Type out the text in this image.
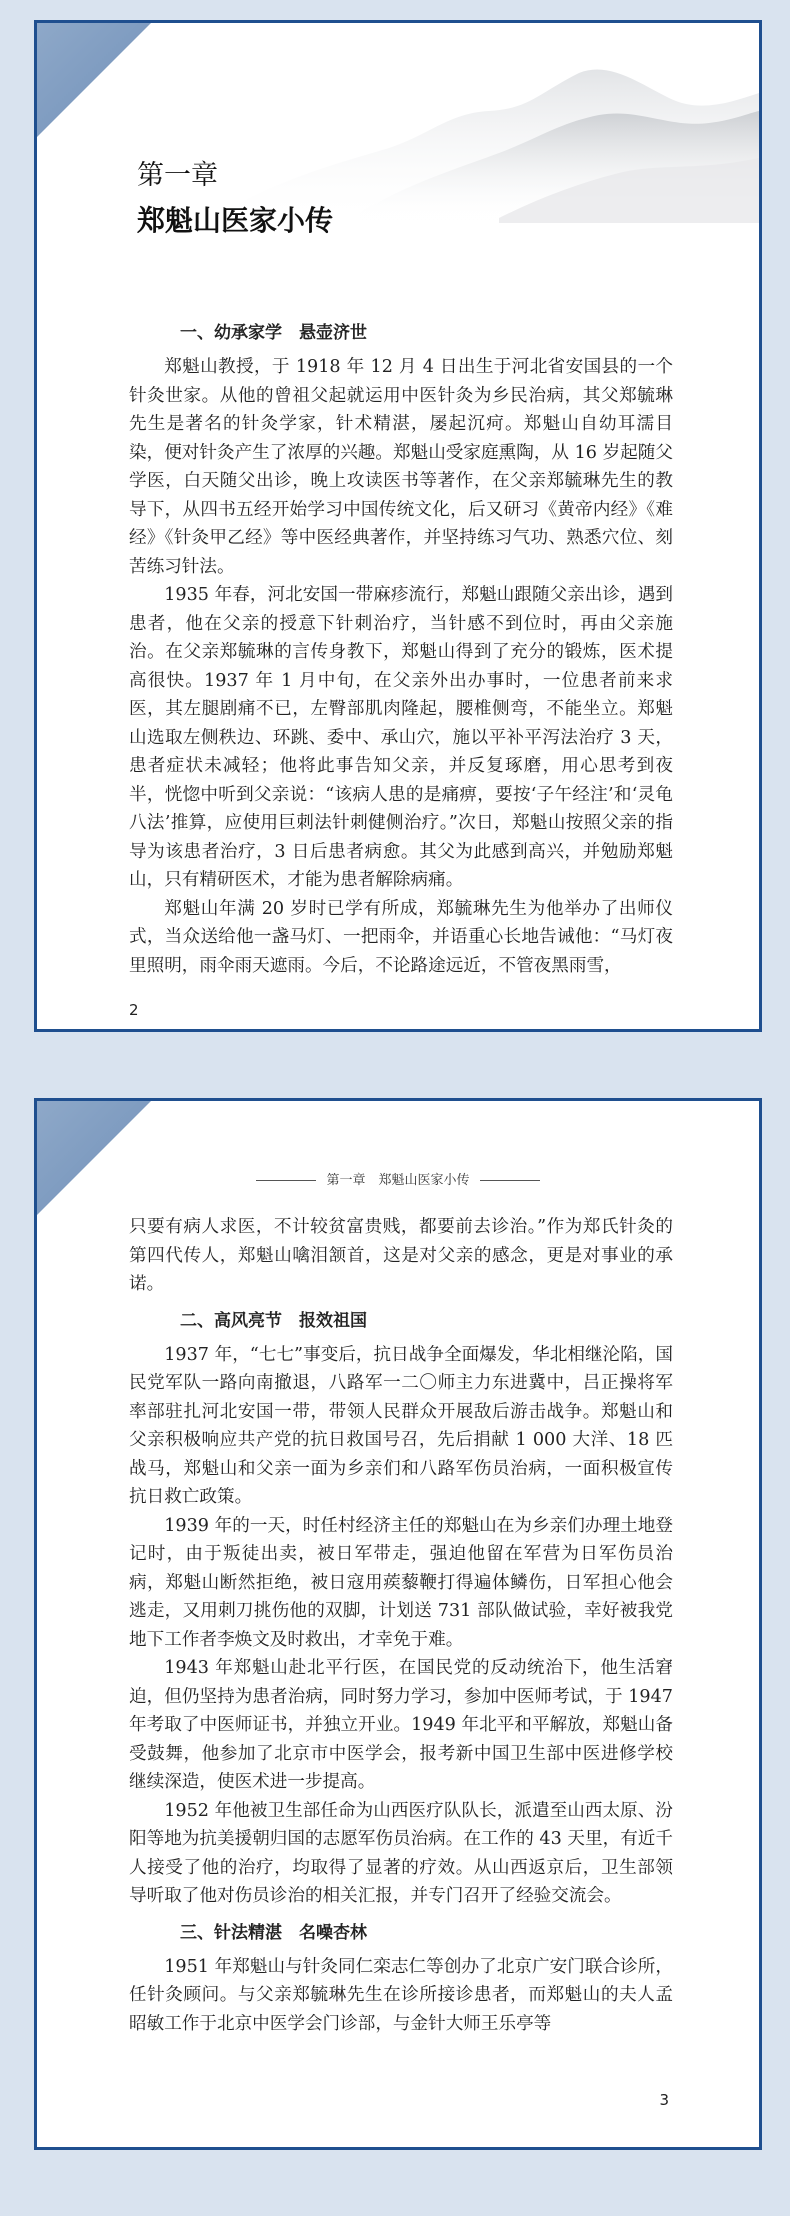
第一章
郑魁山医家小传
一、幼承家学　悬壶济世

郑魁山教授，于 1918 年 12 月 4 日出生于河北省安国县的一个针灸世家。从他的曾祖父起就运用中医针灸为乡民治病，其父郑毓琳先生是著名的针灸学家，针术精湛，屡起沉疴。郑魁山自幼耳濡目染，便对针灸产生了浓厚的兴趣。郑魁山受家庭熏陶，从 16 岁起随父学医，白天随父出诊，晚上攻读医书等著作，在父亲郑毓琳先生的教导下，从四书五经开始学习中国传统文化，后又研习《黄帝内经》《难经》《针灸甲乙经》等中医经典著作，并坚持练习气功、熟悉穴位、刻苦练习针法。

1935 年春，河北安国一带麻疹流行，郑魁山跟随父亲出诊，遇到患者，他在父亲的授意下针刺治疗，当针感不到位时，再由父亲施治。在父亲郑毓琳的言传身教下，郑魁山得到了充分的锻炼，医术提高很快。1937 年 1 月中旬，在父亲外出办事时，一位患者前来求医，其左腿剧痛不已，左臀部肌肉隆起，腰椎侧弯，不能坐立。郑魁山选取左侧秩边、环跳、委中、承山穴，施以平补平泻法治疗 3 天，患者症状未减轻；他将此事告知父亲，并反复琢磨，用心思考到夜半，恍惚中听到父亲说：“该病人患的是痛痹，要按‘子午经注’和‘灵龟八法’推算，应使用巨刺法针刺健侧治疗。”次日，郑魁山按照父亲的指导为该患者治疗，3 日后患者病愈。其父为此感到高兴，并勉励郑魁山，只有精研医术，才能为患者解除病痛。

郑魁山年满 20 岁时已学有所成，郑毓琳先生为他举办了出师仪式，当众送给他一盏马灯、一把雨伞，并语重心长地告诫他：“马灯夜里照明，雨伞雨天遮雨。今后，不论路途远近，不管夜黑雨雪，

2
第一章　郑魁山医家小传

只要有病人求医，不计较贫富贵贱，都要前去诊治。”作为郑氏针灸的第四代传人，郑魁山噙泪颔首，这是对父亲的感念，更是对事业的承诺。

二、高风亮节　报效祖国

1937 年，“七七”事变后，抗日战争全面爆发，华北相继沦陷，国民党军队一路向南撤退，八路军一二〇师主力东进冀中，吕正操将军率部驻扎河北安国一带，带领人民群众开展敌后游击战争。郑魁山和父亲积极响应共产党的抗日救国号召，先后捐献 1 000 大洋、18 匹战马，郑魁山和父亲一面为乡亲们和八路军伤员治病，一面积极宣传抗日救亡政策。

1939 年的一天，时任村经济主任的郑魁山在为乡亲们办理土地登记时，由于叛徒出卖，被日军带走，强迫他留在军营为日军伤员治病，郑魁山断然拒绝，被日寇用蒺藜鞭打得遍体鳞伤，日军担心他会逃走，又用刺刀挑伤他的双脚，计划送 731 部队做试验，幸好被我党地下工作者李焕文及时救出，才幸免于难。

1943 年郑魁山赴北平行医，在国民党的反动统治下，他生活窘迫，但仍坚持为患者治病，同时努力学习，参加中医师考试，于 1947 年考取了中医师证书，并独立开业。1949 年北平和平解放，郑魁山备受鼓舞，他参加了北京市中医学会，报考新中国卫生部中医进修学校继续深造，使医术进一步提高。

1952 年他被卫生部任命为山西医疗队队长，派遣至山西太原、汾阳等地为抗美援朝归国的志愿军伤员治病。在工作的 43 天里，有近千人接受了他的治疗，均取得了显著的疗效。从山西返京后，卫生部领导听取了他对伤员诊治的相关汇报，并专门召开了经验交流会。

三、针法精湛　名噪杏林

1951 年郑魁山与针灸同仁栾志仁等创办了北京广安门联合诊所，任针灸顾问。与父亲郑毓琳先生在诊所接诊患者，而郑魁山的夫人孟昭敏工作于北京中医学会门诊部，与金针大师王乐亭等

3
